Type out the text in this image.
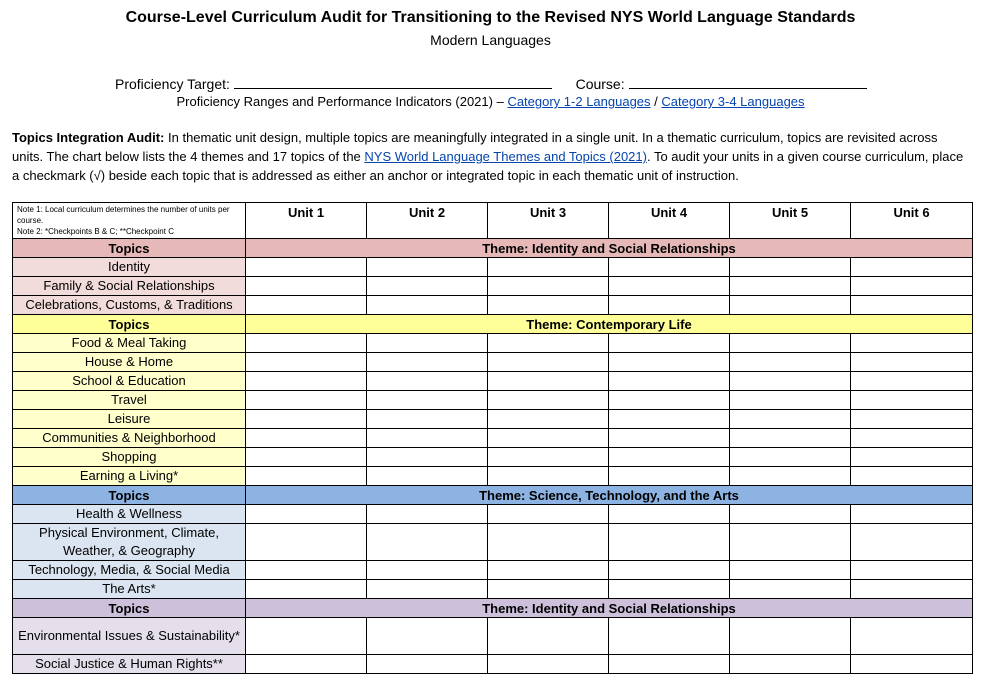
Course-Level Curriculum Audit for Transitioning to the Revised NYS World Language Standards
Modern Languages
Proficiency Target:	Course:
Proficiency Ranges and Performance Indicators (2021) – Category 1-2 Languages / Category 3-4 Languages
Topics Integration Audit: In thematic unit design, multiple topics are meaningfully integrated in a single unit. In a thematic curriculum, topics are revisited across units. The chart below lists the 4 themes and 17 topics of the NYS World Language Themes and Topics (2021). To audit your units in a given course curriculum, place a checkmark (√) beside each topic that is addressed as either an anchor or integrated topic in each thematic unit of instruction.
Note 1: Local curriculum determines the number of units per course.
Note 2: *Checkpoints B & C; **Checkpoint C	Unit 1	Unit 2	Unit 3	Unit 4	Unit 5	Unit 6
Topics	Theme: Identity and Social Relationships					
Identity						
Family & Social Relationships						
Celebrations, Customs, & Traditions						
Topics	Theme: Contemporary Life					
Food & Meal Taking						
House & Home						
School & Education						
Travel						
Leisure						
Communities & Neighborhood						
Shopping						
Earning a Living*						
Topics	Theme: Science, Technology, and the Arts					
Health & Wellness						
Physical Environment, Climate, Weather, & Geography						
Technology, Media, & Social Media						
The Arts*						
Topics	Theme: Identity and Social Relationships					
Environmental Issues & Sustainability*						
Social Justice & Human Rights**						
